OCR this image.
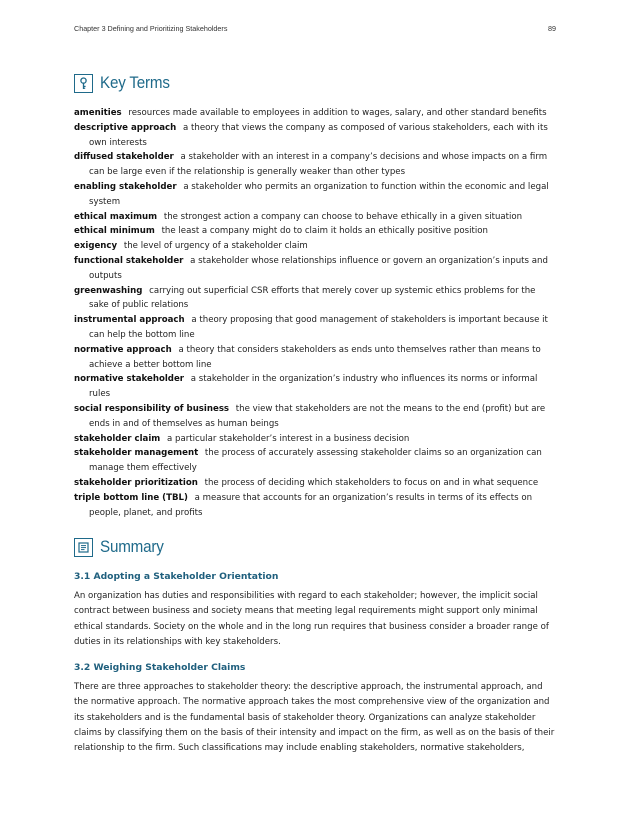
Chapter 3 Defining and Prioritizing Stakeholders	89
Key Terms
amenities resources made available to employees in addition to wages, salary, and other standard benefits
descriptive approach a theory that views the company as composed of various stakeholders, each with its own interests
diffused stakeholder a stakeholder with an interest in a company’s decisions and whose impacts on a firm can be large even if the relationship is generally weaker than other types
enabling stakeholder a stakeholder who permits an organization to function within the economic and legal system
ethical maximum the strongest action a company can choose to behave ethically in a given situation
ethical minimum the least a company might do to claim it holds an ethically positive position
exigency the level of urgency of a stakeholder claim
functional stakeholder a stakeholder whose relationships influence or govern an organization’s inputs and outputs
greenwashing carrying out superficial CSR efforts that merely cover up systemic ethics problems for the sake of public relations
instrumental approach a theory proposing that good management of stakeholders is important because it can help the bottom line
normative approach a theory that considers stakeholders as ends unto themselves rather than means to achieve a better bottom line
normative stakeholder a stakeholder in the organization’s industry who influences its norms or informal rules
social responsibility of business the view that stakeholders are not the means to the end (profit) but are ends in and of themselves as human beings
stakeholder claim a particular stakeholder’s interest in a business decision
stakeholder management the process of accurately assessing stakeholder claims so an organization can manage them effectively
stakeholder prioritization the process of deciding which stakeholders to focus on and in what sequence
triple bottom line (TBL) a measure that accounts for an organization’s results in terms of its effects on people, planet, and profits
Summary
3.1 Adopting a Stakeholder Orientation

An organization has duties and responsibilities with regard to each stakeholder; however, the implicit social contract between business and society means that meeting legal requirements might support only minimal ethical standards. Society on the whole and in the long run requires that business consider a broader range of duties in its relationships with key stakeholders.

3.2 Weighing Stakeholder Claims

There are three approaches to stakeholder theory: the descriptive approach, the instrumental approach, and the normative approach. The normative approach takes the most comprehensive view of the organization and its stakeholders and is the fundamental basis of stakeholder theory. Organizations can analyze stakeholder claims by classifying them on the basis of their intensity and impact on the firm, as well as on the basis of their relationship to the firm. Such classifications may include enabling stakeholders, normative stakeholders,
